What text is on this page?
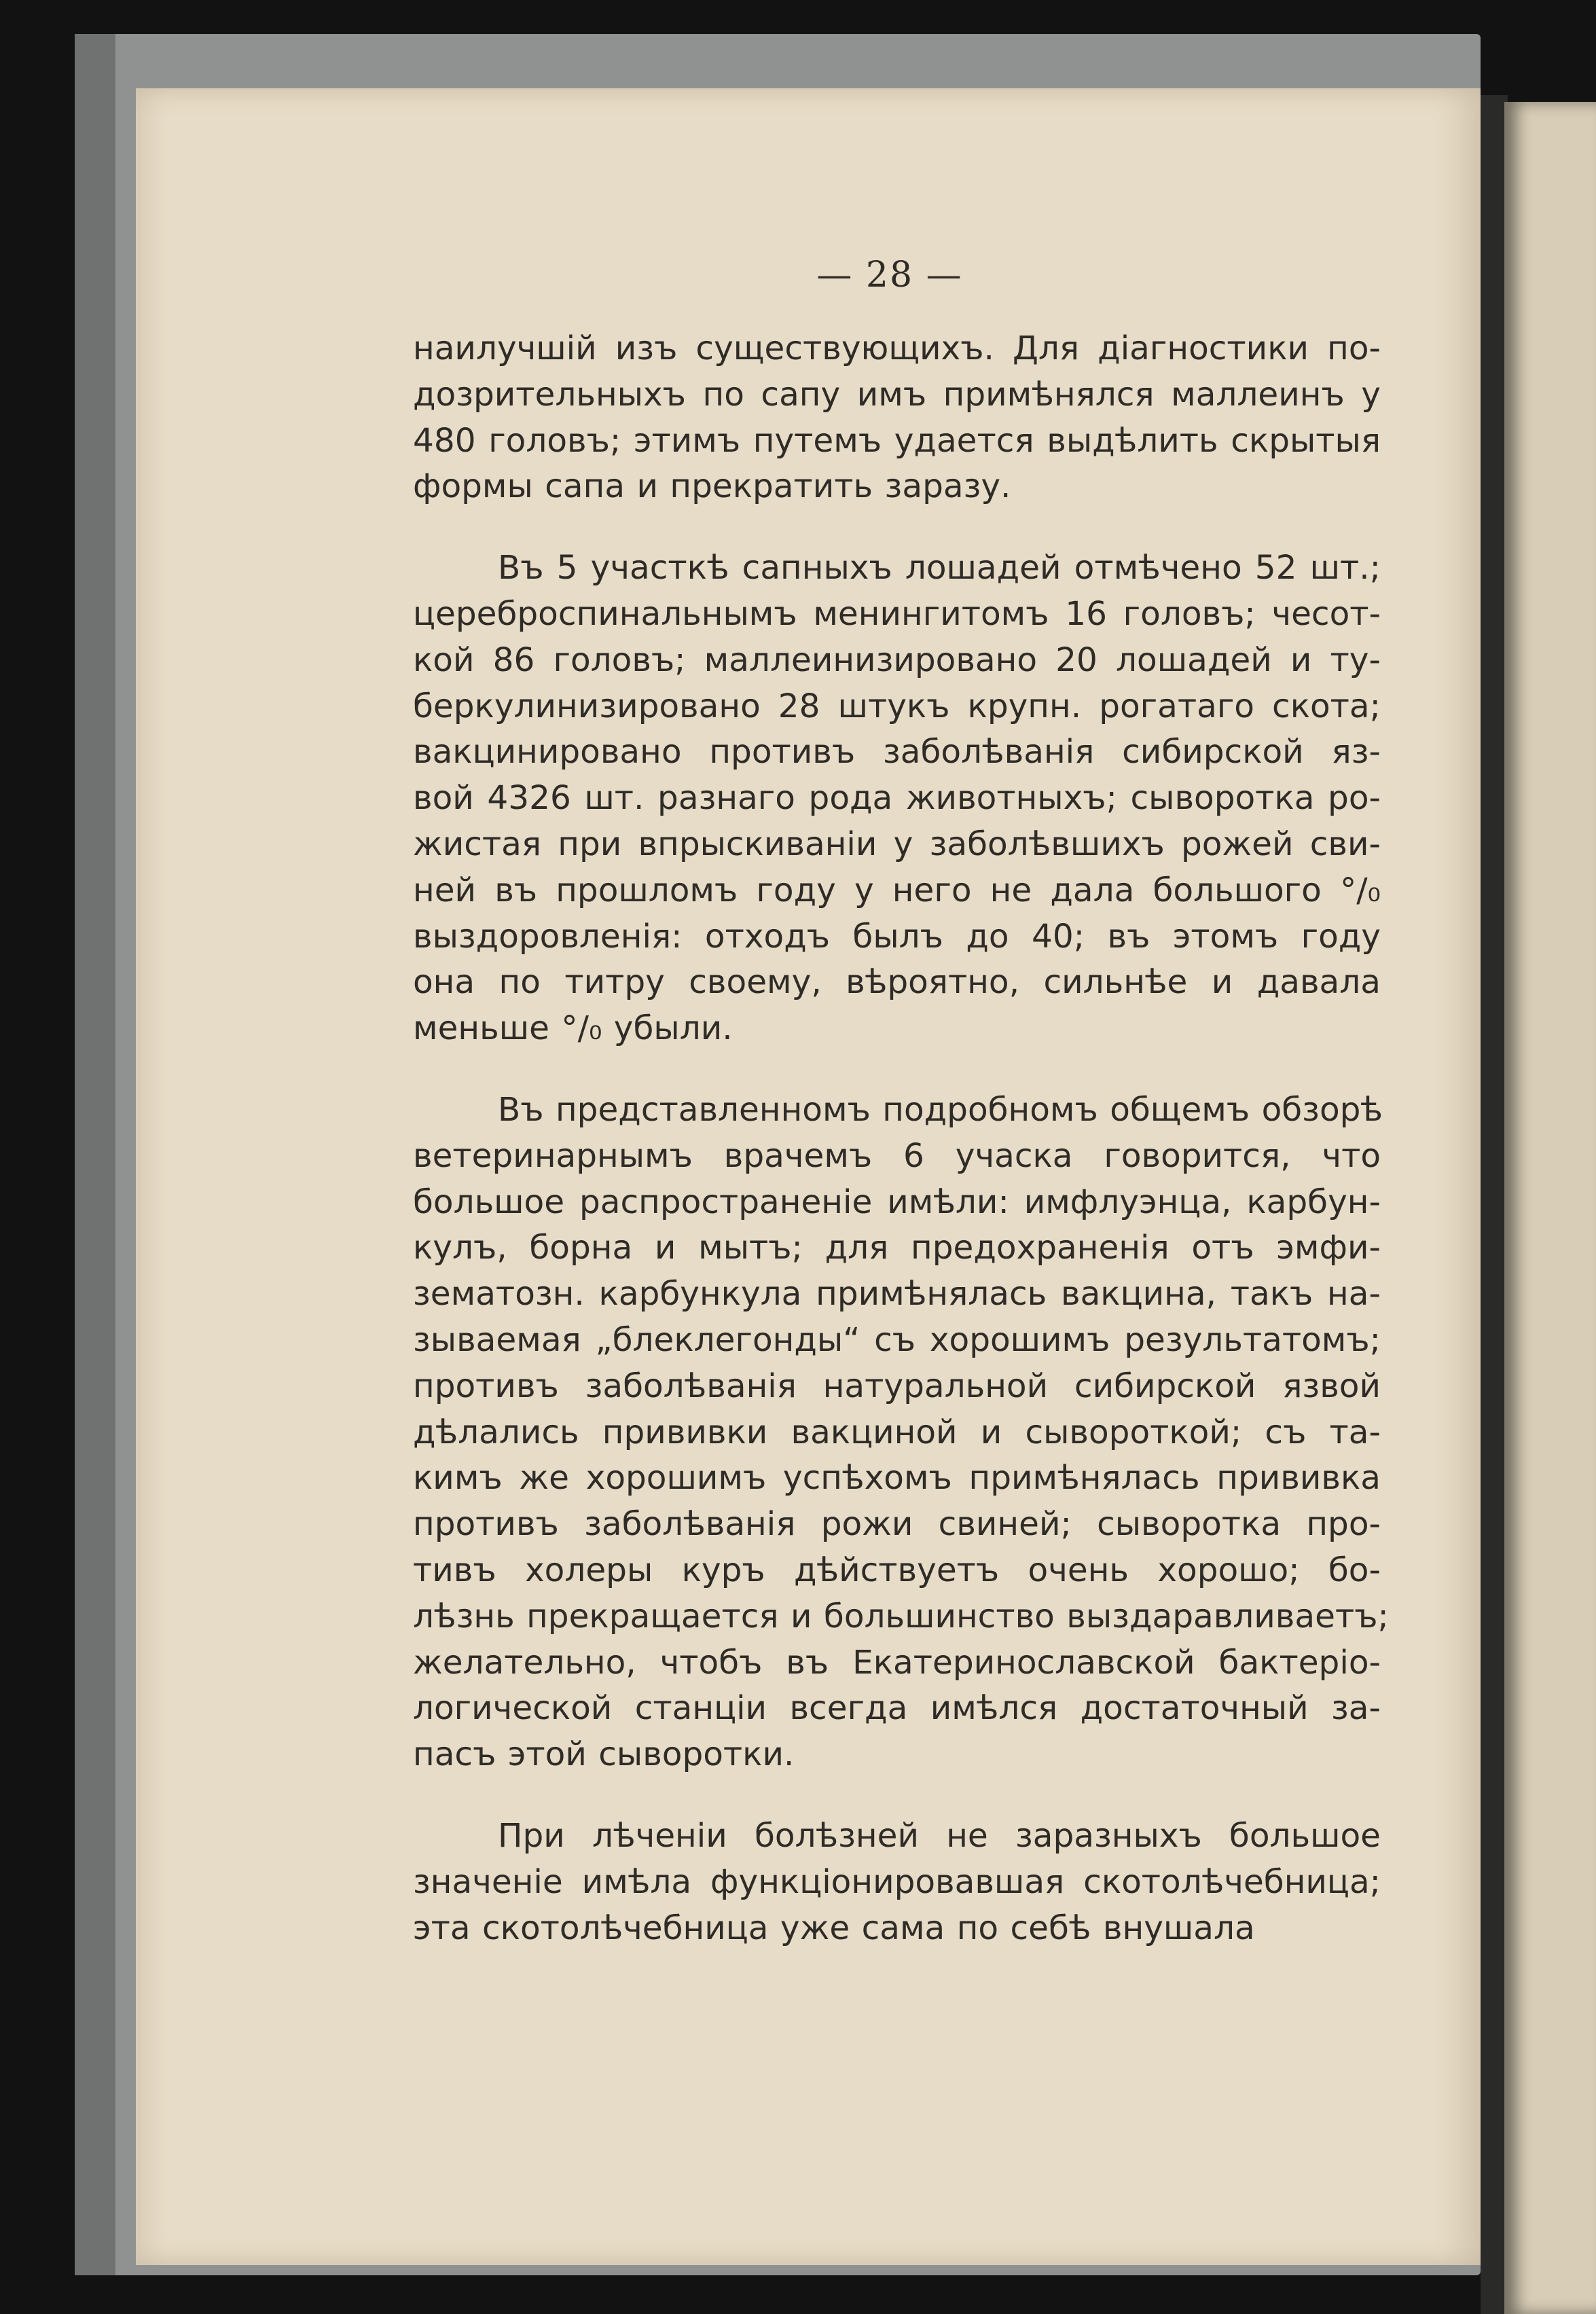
— 28 —
наилучшій изъ существующихъ. Для діагностики по-
дозрительныхъ по сапу имъ примѣнялся маллеинъ у
480 головъ; этимъ путемъ удается выдѣлить скрытыя
формы сапа и прекратить заразу.
Въ 5 участкѣ сапныхъ лошадей отмѣчено 52 шт.;
цереброспинальнымъ менингитомъ 16 головъ; чесот-
кой 86 головъ; маллеинизировано 20 лошадей и ту-
беркулинизировано 28 штукъ крупн. рогатаго скота;
вакцинировано противъ заболѣванія сибирской яз-
вой 4326 шт. разнаго рода животныхъ; сыворотка ро-
жистая при впрыскиваніи у заболѣвшихъ рожей сви-
ней въ прошломъ году у него не дала большого °/₀
выздоровленія: отходъ былъ до 40; въ этомъ году
она по титру своему, вѣроятно, сильнѣе и давала
меньше °/₀ убыли.
Въ представленномъ подробномъ общемъ обзорѣ
ветеринарнымъ врачемъ 6 учаска говорится, что
большое распространеніе имѣли: имфлуэнца, карбун-
кулъ, борна и мытъ; для предохраненія отъ эмфи-
зематозн. карбункула примѣнялась вакцина, такъ на-
зываемая „блеклегонды“ съ хорошимъ результатомъ;
противъ заболѣванія натуральной сибирской язвой
дѣлались прививки вакциной и сывороткой; съ та-
кимъ же хорошимъ успѣхомъ примѣнялась прививка
противъ заболѣванія рожи свиней; сыворотка про-
тивъ холеры куръ дѣйствуетъ очень хорошо; бо-
лѣзнь прекращается и большинство выздаравливаетъ;
желательно, чтобъ въ Екатеринославской бактеріо-
логической станціи всегда имѣлся достаточный за-
пасъ этой сыворотки.
При лѣченіи болѣзней не заразныхъ большое
значеніе имѣла функціонировавшая скотолѣчебница;
эта скотолѣчебница уже сама по себѣ внушала
